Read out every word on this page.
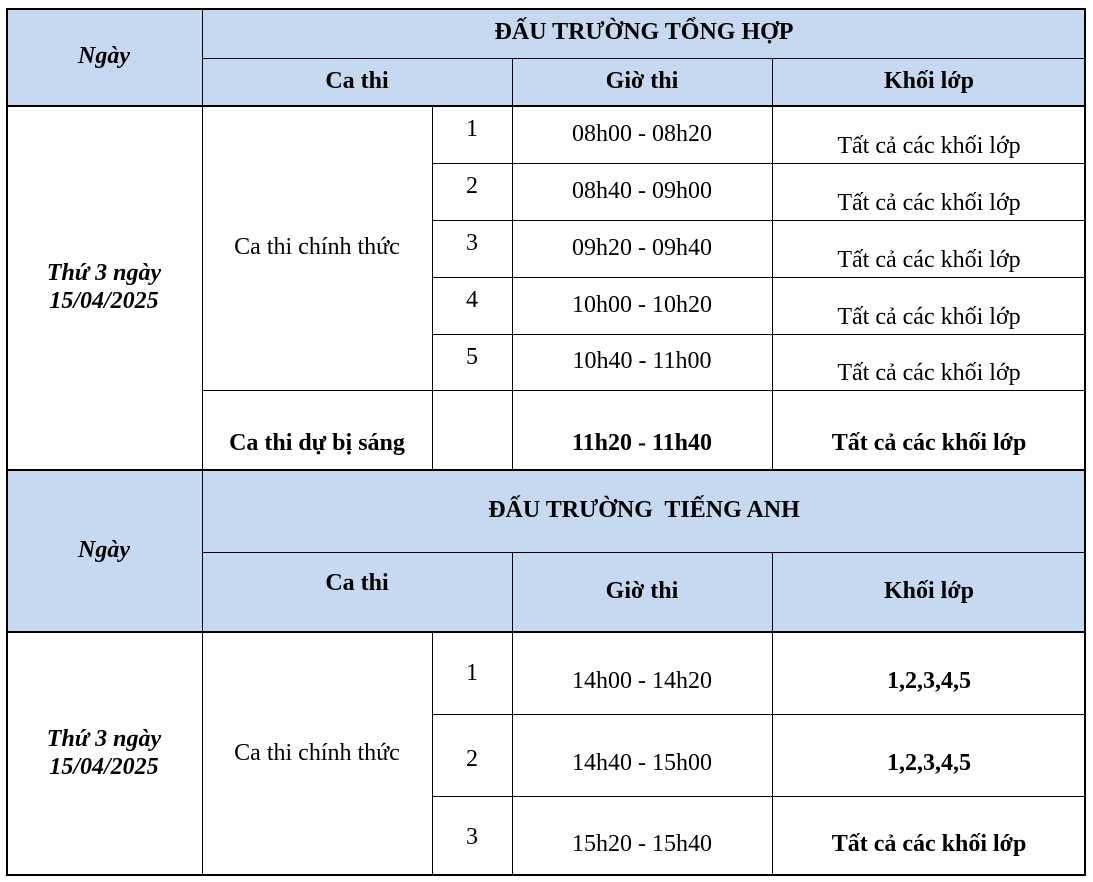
Ngày
ĐẤU TRƯỜNG TỔNG HỢP
Ca thi	Giờ thi	Khối lớp
Thứ 3 ngày
15/04/2025
Ca thi chính thức
1	08h00 - 08h20	Tất cả các khối lớp
2	08h40 - 09h00	Tất cả các khối lớp
3	09h20 - 09h40	Tất cả các khối lớp
4	10h00 - 10h20	Tất cả các khối lớp
5	10h40 - 11h00	Tất cả các khối lớp
Ca thi dự bị sáng	11h20 - 11h40	Tất cả các khối lớp
Ngày
ĐẤU TRƯỜNG  TIẾNG ANH
Ca thi	Giờ thi	Khối lớp
Thứ 3 ngày
15/04/2025
Ca thi chính thức
1	14h00 - 14h20	1,2,3,4,5
2	14h40 - 15h00	1,2,3,4,5
3	15h20 - 15h40	Tất cả các khối lớp
